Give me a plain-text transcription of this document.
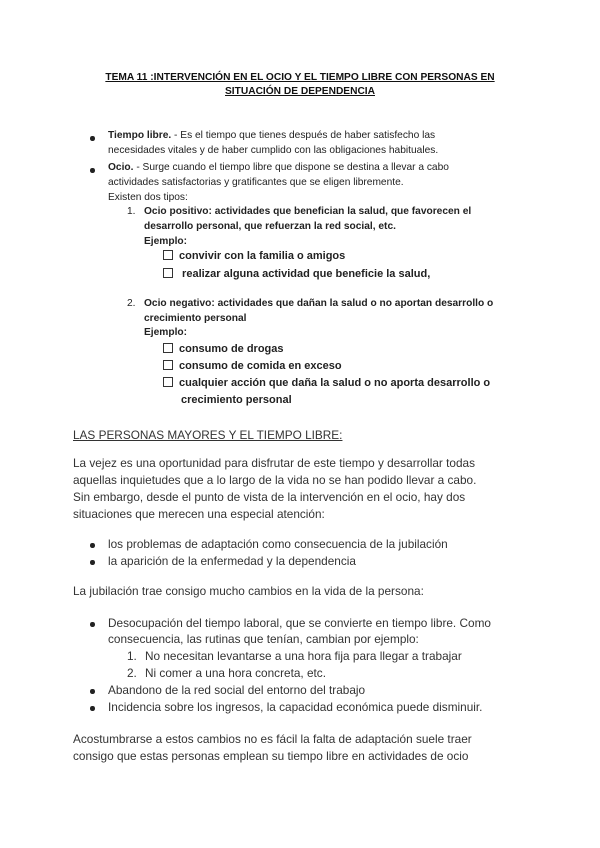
TEMA 11 :INTERVENCIÓN EN EL OCIO Y EL TIEMPO LIBRE CON PERSONAS EN
SITUACIÓN DE DEPENDENCIA
Tiempo libre. - Es el tiempo que tienes después de haber satisfecho las
necesidades vitales y de haber cumplido con las obligaciones habituales.
Ocio. - Surge cuando el tiempo libre que dispone se destina a llevar a cabo
actividades satisfactorias y gratificantes que se eligen libremente.
Existen dos tipos:
1. Ocio positivo: actividades que benefician la salud, que favorecen el
desarrollo personal, que refuerzan la red social, etc.
Ejemplo:
convivir con la familia o amigos
realizar alguna actividad que beneficie la salud,
2. Ocio negativo: actividades que dañan la salud o no aportan desarrollo o
crecimiento personal
Ejemplo:
consumo de drogas
consumo de comida en exceso
cualquier acción que daña la salud o no aporta desarrollo o
crecimiento personal
LAS PERSONAS MAYORES Y EL TIEMPO LIBRE:
La vejez es una oportunidad para disfrutar de este tiempo y desarrollar todas
aquellas inquietudes que a lo largo de la vida no se han podido llevar a cabo.
Sin embargo, desde el punto de vista de la intervención en el ocio, hay dos
situaciones que merecen una especial atención:
los problemas de adaptación como consecuencia de la jubilación
la aparición de la enfermedad y la dependencia
La jubilación trae consigo mucho cambios en la vida de la persona:
Desocupación del tiempo laboral, que se convierte en tiempo libre. Como
consecuencia, las rutinas que tenían, cambian por ejemplo:
1. No necesitan levantarse a una hora fija para llegar a trabajar
2. Ni comer a una hora concreta, etc.
Abandono de la red social del entorno del trabajo
Incidencia sobre los ingresos, la capacidad económica puede disminuir.
Acostumbrarse a estos cambios no es fácil la falta de adaptación suele traer
consigo que estas personas emplean su tiempo libre en actividades de ocio
